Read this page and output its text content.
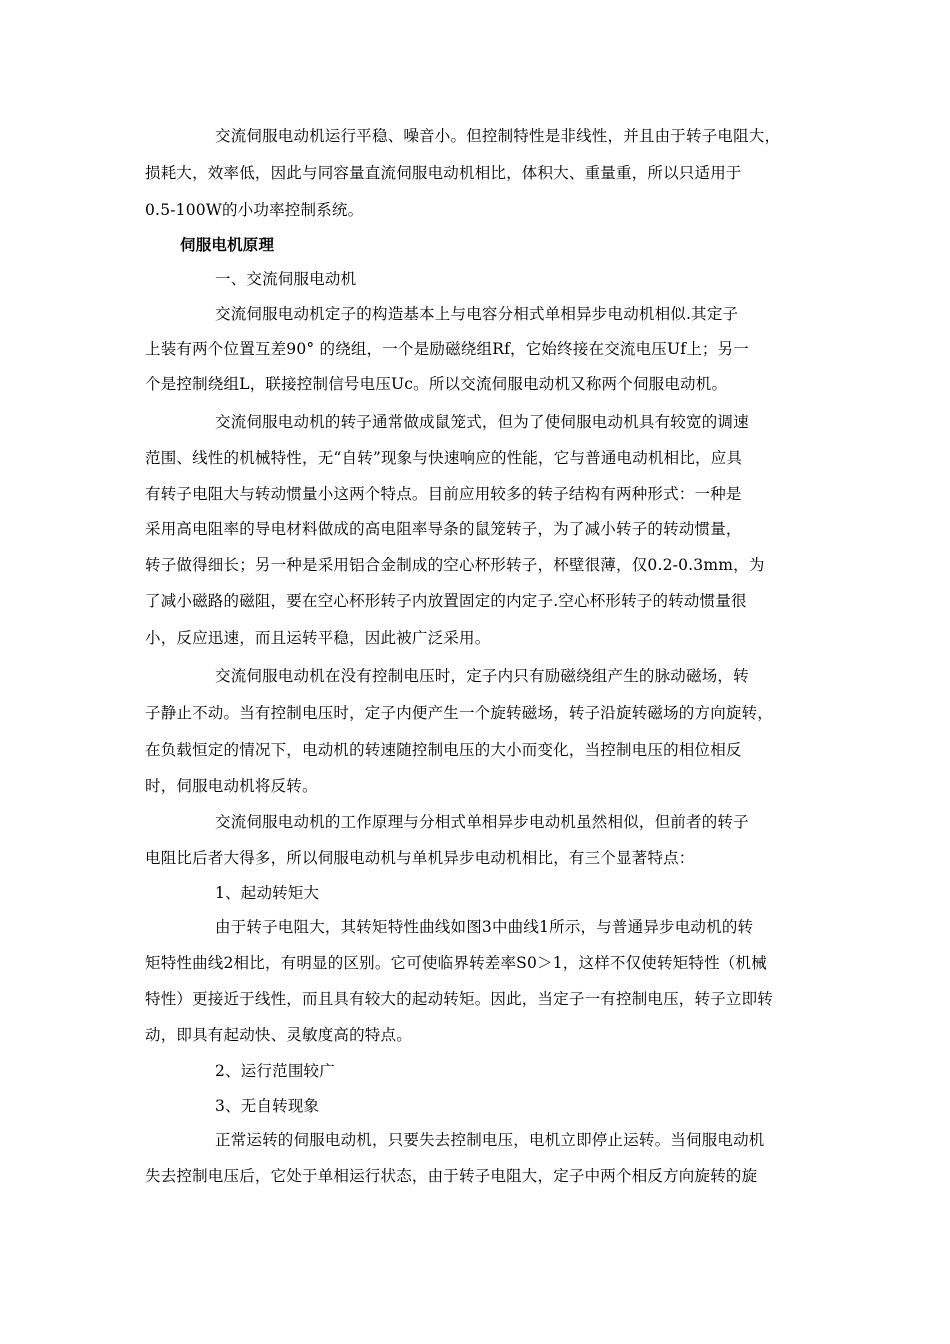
交流伺服电动机运行平稳、噪音小。但控制特性是非线性，并且由于转子电阻大，
损耗大，效率低，因此与同容量直流伺服电动机相比，体积大、重量重，所以只适用于
0.5-100W的小功率控制系统。
伺服电机原理
一、交流伺服电动机
交流伺服电动机定子的构造基本上与电容分相式单相异步电动机相似.其定子
上装有两个位置互差90° 的绕组，一个是励磁绕组Rf，它始终接在交流电压Uf上；另一
个是控制绕组L，联接控制信号电压Uc。所以交流伺服电动机又称两个伺服电动机。
交流伺服电动机的转子通常做成鼠笼式，但为了使伺服电动机具有较宽的调速
范围、线性的机械特性，无“自转”现象与快速响应的性能，它与普通电动机相比，应具
有转子电阻大与转动惯量小这两个特点。目前应用较多的转子结构有两种形式：一种是
采用高电阻率的导电材料做成的高电阻率导条的鼠笼转子，为了减小转子的转动惯量，
转子做得细长；另一种是采用铝合金制成的空心杯形转子，杯壁很薄，仅0.2-0.3mm，为
了减小磁路的磁阻，要在空心杯形转子内放置固定的内定子.空心杯形转子的转动惯量很
小，反应迅速，而且运转平稳，因此被广泛采用。
交流伺服电动机在没有控制电压时，定子内只有励磁绕组产生的脉动磁场，转
子静止不动。当有控制电压时，定子内便产生一个旋转磁场，转子沿旋转磁场的方向旋转，
在负载恒定的情况下，电动机的转速随控制电压的大小而变化，当控制电压的相位相反
时，伺服电动机将反转。
交流伺服电动机的工作原理与分相式单相异步电动机虽然相似，但前者的转子
电阻比后者大得多，所以伺服电动机与单机异步电动机相比，有三个显著特点：
1、起动转矩大
由于转子电阻大，其转矩特性曲线如图3中曲线1所示，与普通异步电动机的转
矩特性曲线2相比，有明显的区别。它可使临界转差率S0＞1，这样不仅使转矩特性（机械
特性）更接近于线性，而且具有较大的起动转矩。因此，当定子一有控制电压，转子立即转
动，即具有起动快、灵敏度高的特点。
2、运行范围较广
3、无自转现象
正常运转的伺服电动机，只要失去控制电压，电机立即停止运转。当伺服电动机
失去控制电压后，它处于单相运行状态，由于转子电阻大，定子中两个相反方向旋转的旋
